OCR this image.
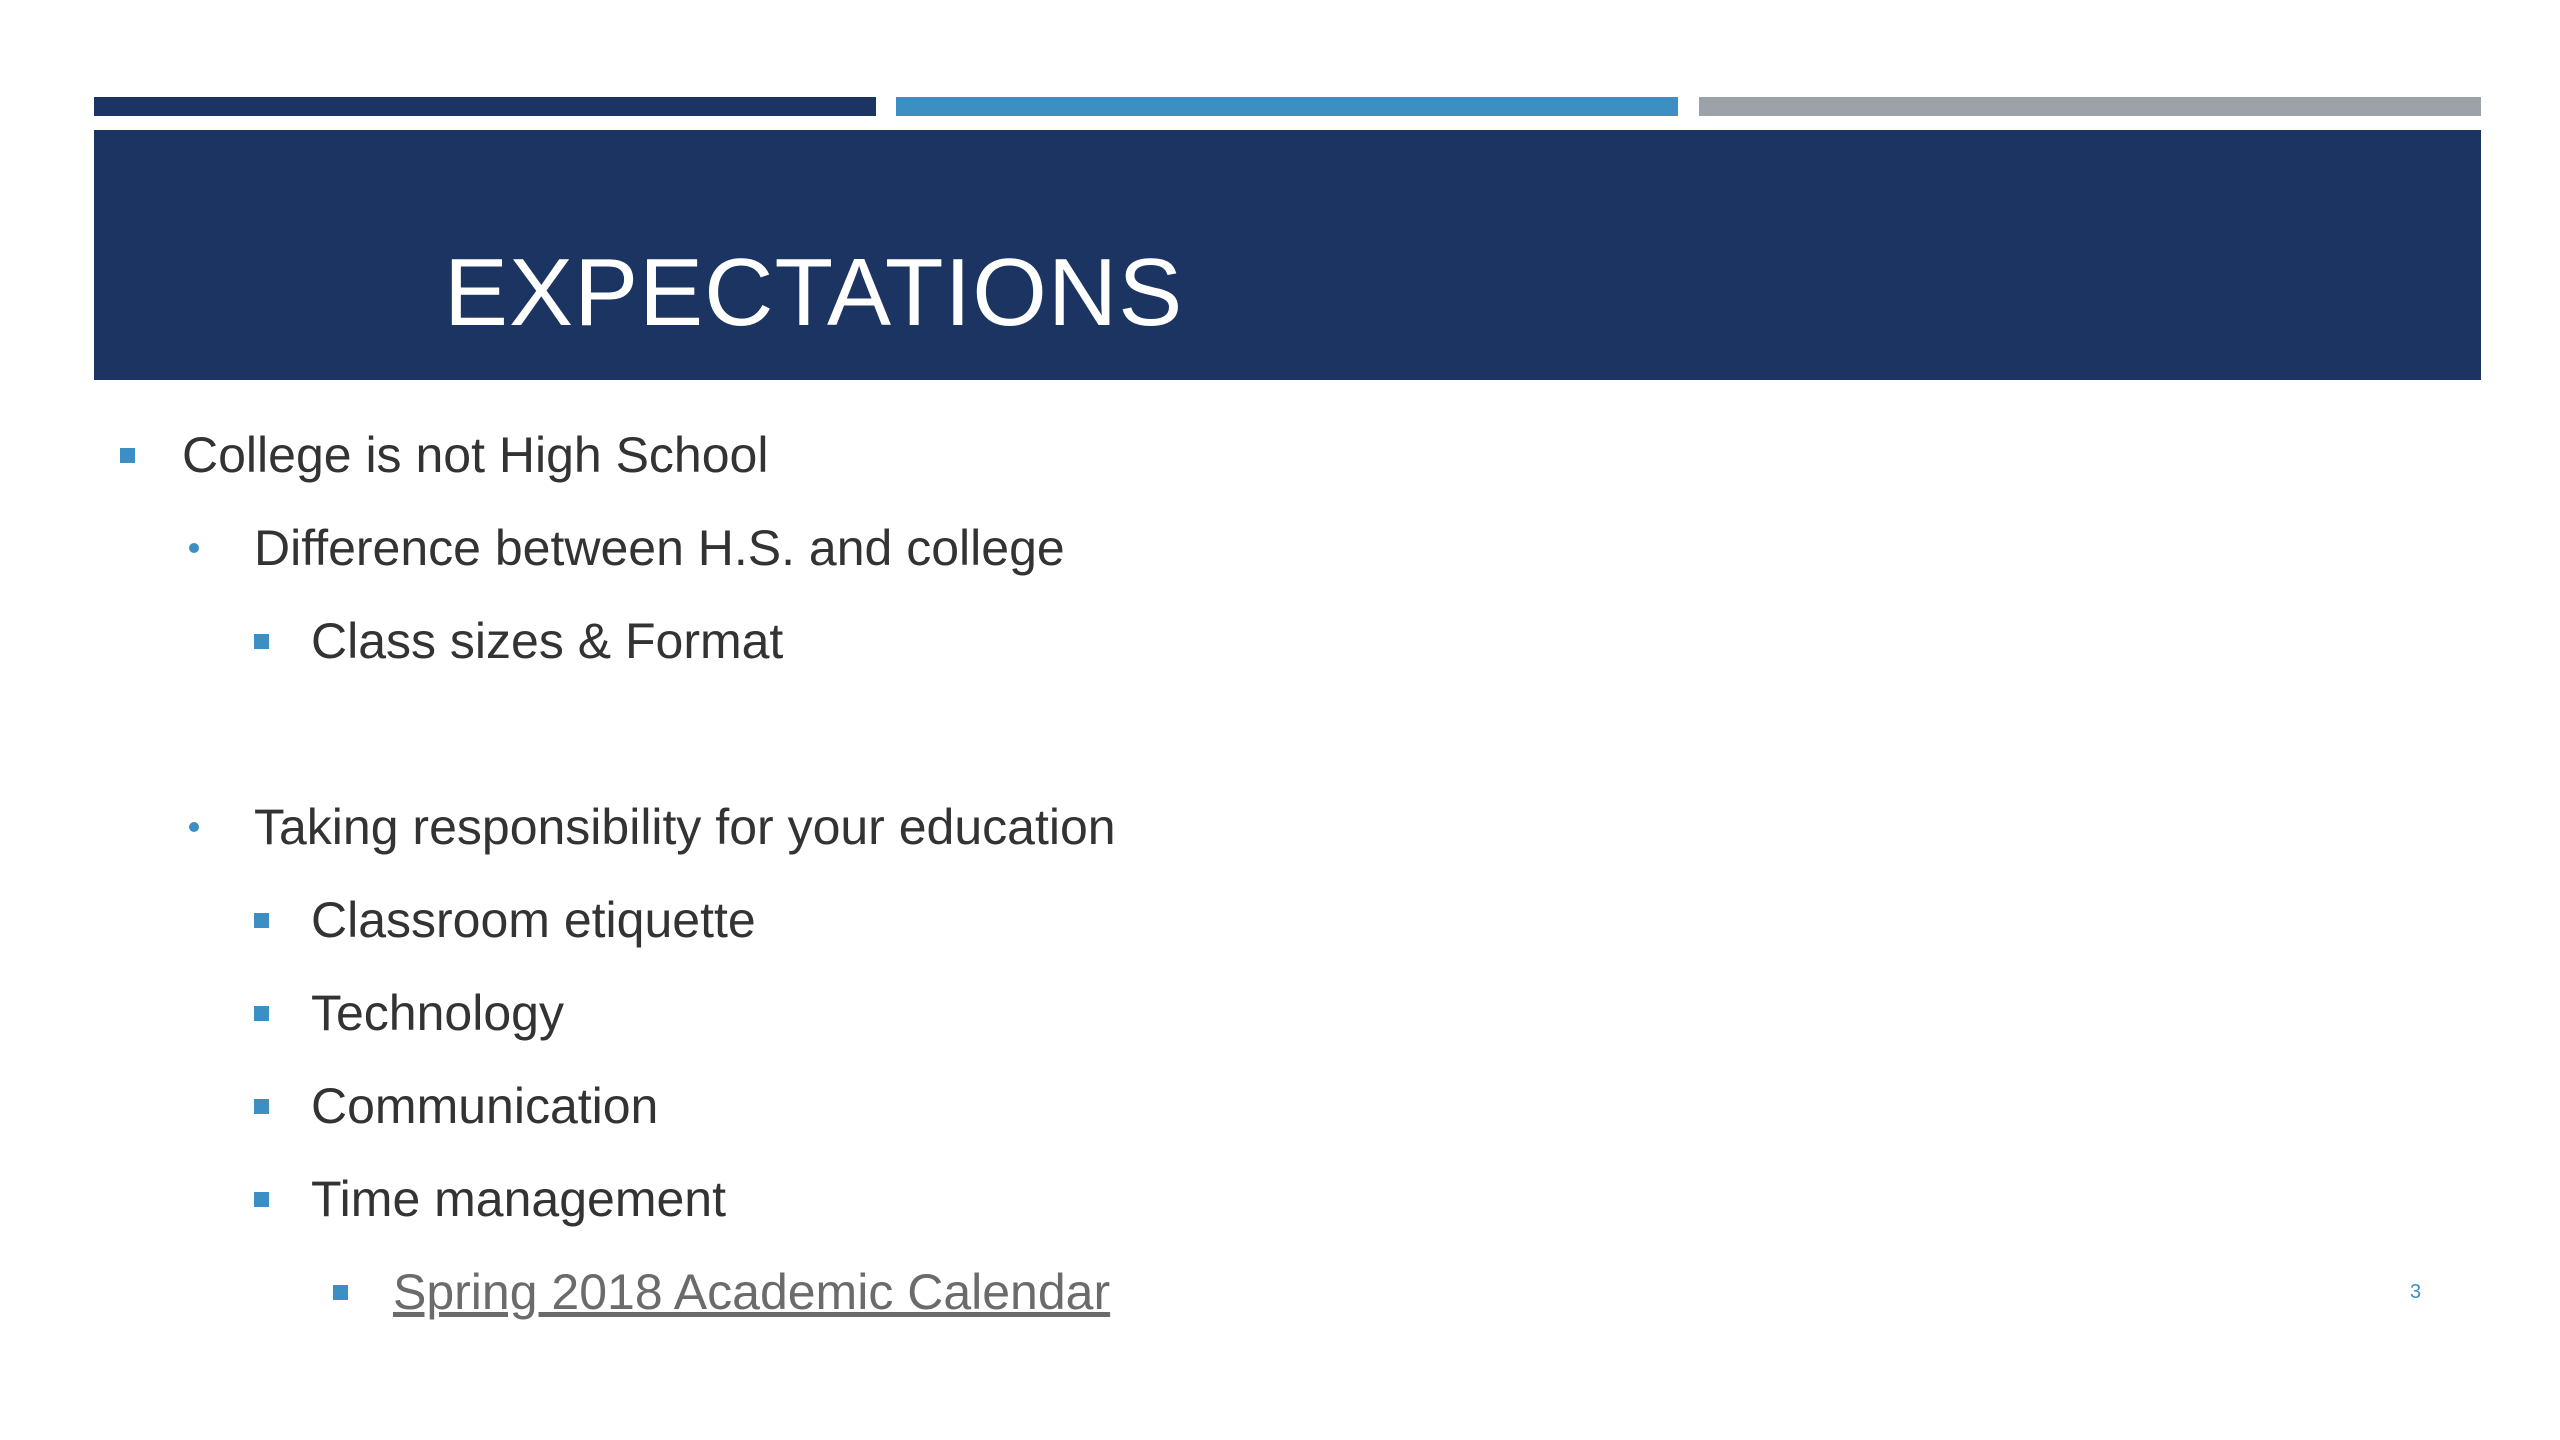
EXPECTATIONS
College is not High School
Difference between H.S. and college
Class sizes & Format
Taking responsibility for your education
Classroom etiquette
Technology
Communication
Time management
Spring 2018 Academic Calendar	3
